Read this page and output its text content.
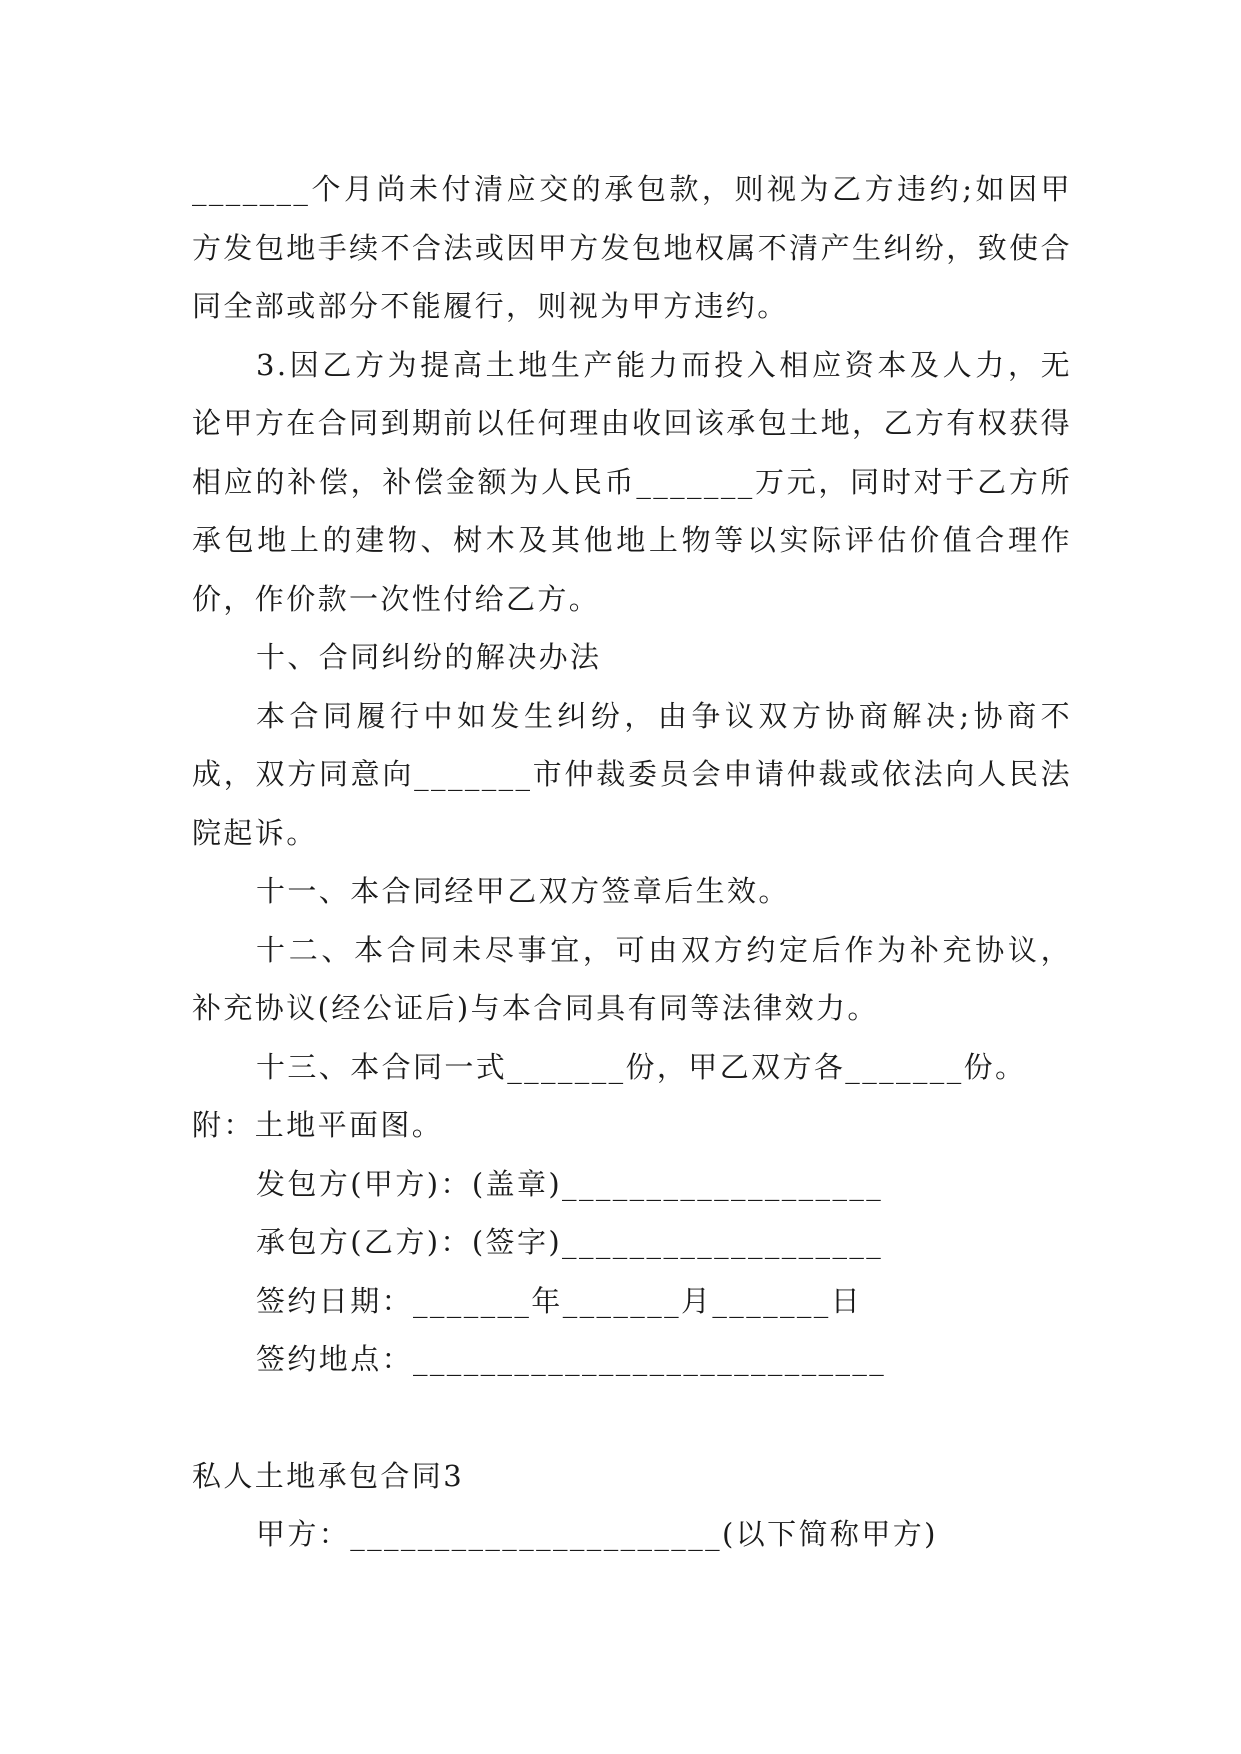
_______个月尚未付清应交的承包款，则视为乙方违约;如因甲方发包地手续不合法或因甲方发包地权属不清产生纠纷，致使合同全部或部分不能履行，则视为甲方违约。

3.因乙方为提高土地生产能力而投入相应资本及人力，无论甲方在合同到期前以任何理由收回该承包土地，乙方有权获得相应的补偿，补偿金额为人民币_______万元，同时对于乙方所承包地上的建物、树木及其他地上物等以实际评估价值合理作价，作价款一次性付给乙方。

十、合同纠纷的解决办法

本合同履行中如发生纠纷，由争议双方协商解决;协商不成，双方同意向_______市仲裁委员会申请仲裁或依法向人民法院起诉。

十一、本合同经甲乙双方签章后生效。

十二、本合同未尽事宜，可由双方约定后作为补充协议，补充协议(经公证后)与本合同具有同等法律效力。

十三、本合同一式_______份，甲乙双方各_______份。

附：土地平面图。

发包方(甲方)：(盖章)___________________

承包方(乙方)：(签字)___________________

签约日期：_______年_______月_______日

签约地点：____________________________

私人土地承包合同3

甲方：______________________(以下简称甲方)
